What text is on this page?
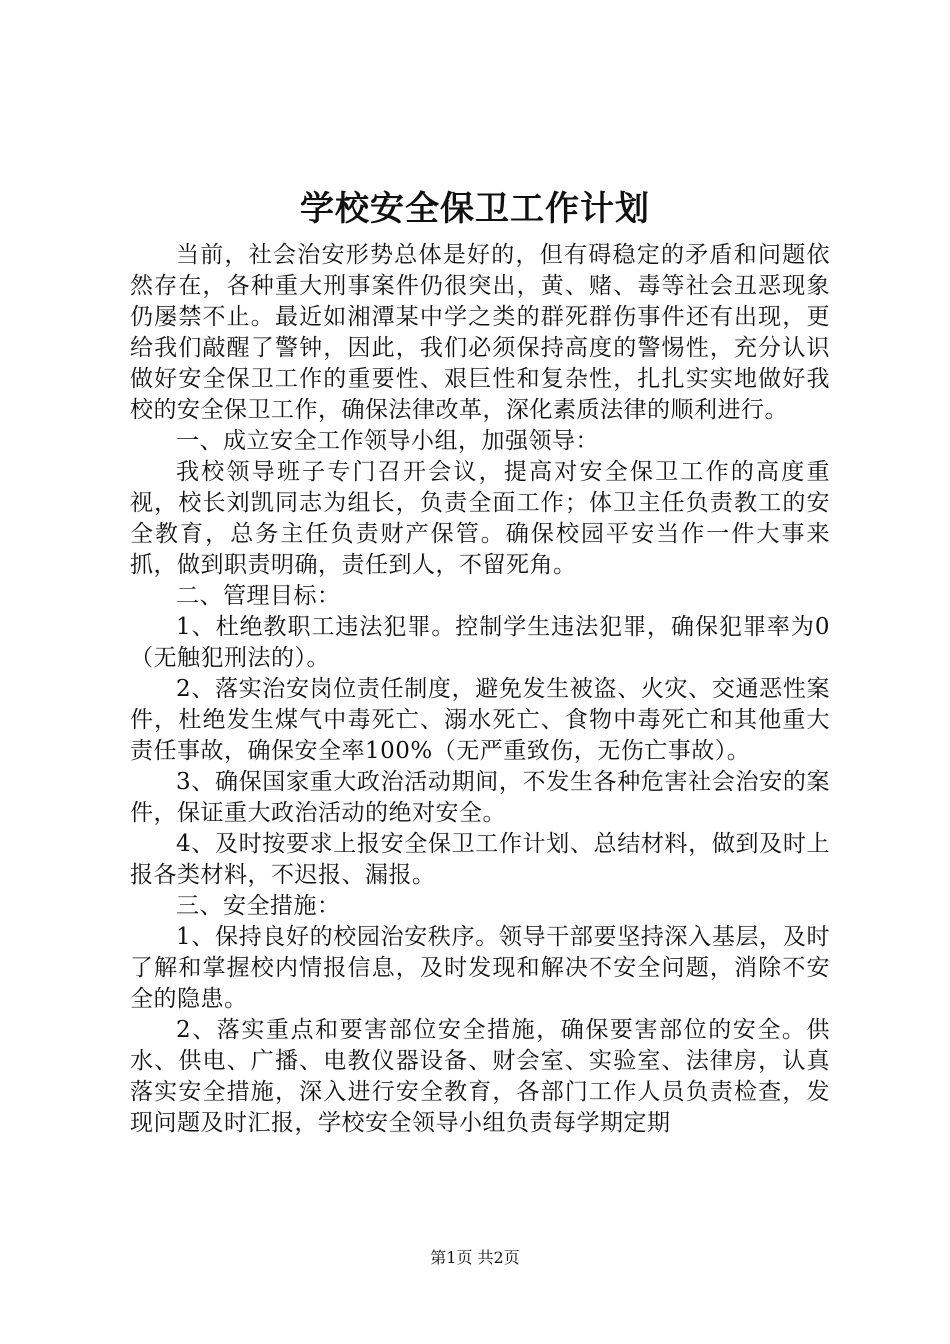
学校安全保卫工作计划

当前，社会治安形势总体是好的，但有碍稳定的矛盾和问题依然存在，各种重大刑事案件仍很突出，黄、赌、毒等社会丑恶现象仍屡禁不止。最近如湘潭某中学之类的群死群伤事件还有出现，更给我们敲醒了警钟，因此，我们必须保持高度的警惕性，充分认识做好安全保卫工作的重要性、艰巨性和复杂性，扎扎实实地做好我校的安全保卫工作，确保法律改革，深化素质法律的顺利进行。

一、成立安全工作领导小组，加强领导：

我校领导班子专门召开会议，提高对安全保卫工作的高度重视，校长刘凯同志为组长，负责全面工作；体卫主任负责教工的安全教育，总务主任负责财产保管。确保校园平安当作一件大事来抓，做到职责明确，责任到人，不留死角。

二、管理目标：

1、杜绝教职工违法犯罪。控制学生违法犯罪，确保犯罪率为0（无触犯刑法的）。

2、落实治安岗位责任制度，避免发生被盗、火灾、交通恶性案件，杜绝发生煤气中毒死亡、溺水死亡、食物中毒死亡和其他重大责任事故，确保安全率100%（无严重致伤，无伤亡事故）。

3、确保国家重大政治活动期间，不发生各种危害社会治安的案件，保证重大政治活动的绝对安全。

4、及时按要求上报安全保卫工作计划、总结材料，做到及时上报各类材料，不迟报、漏报。

三、安全措施：

1、保持良好的校园治安秩序。领导干部要坚持深入基层，及时了解和掌握校内情报信息，及时发现和解决不安全问题，消除不安全的隐患。

2、落实重点和要害部位安全措施，确保要害部位的安全。供水、供电、广播、电教仪器设备、财会室、实验室、法律房，认真落实安全措施，深入进行安全教育，各部门工作人员负责检查，发现问题及时汇报，学校安全领导小组负责每学期定期

第1页 共2页
